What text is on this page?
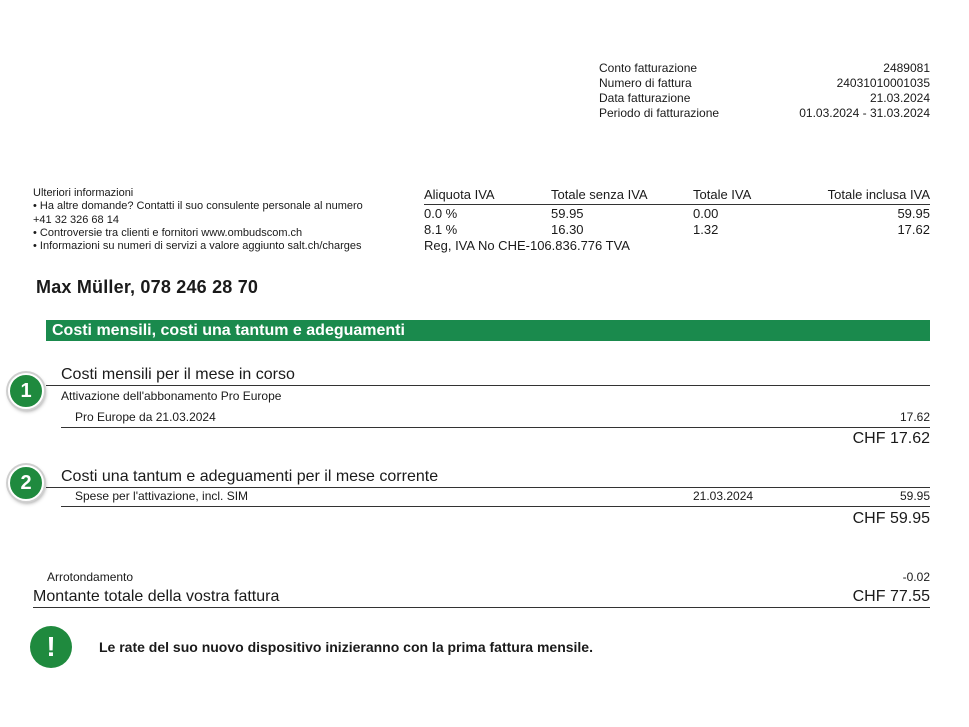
Conto fatturazione	2489081
Numero di fattura	24031010001035
Data fatturazione	21.03.2024
Periodo di fatturazione	01.03.2024 - 31.03.2024
Ulteriori informazioni
• Ha altre domande? Contatti il suo consulente personale al numero
+41 32 326 68 14
• Controversie tra clienti e fornitori www.ombudscom.ch
• Informazioni su numeri di servizi a valore aggiunto salt.ch/charges
Aliquota IVA	Totale senza IVA	Totale IVA	Totale inclusa IVA
0.0 %	59.95	0.00	59.95
8.1 %	16.30	1.32	17.62
Reg, IVA No CHE-106.836.776 TVA
Max Müller, 078 246 28 70
Costi mensili, costi una tantum e adeguamenti
1
Costi mensili per il mese in corso
Attivazione dell'abbonamento Pro Europe
Pro Europe da 21.03.2024	17.62
CHF 17.62
2	Costi una tantum e adeguamenti per il mese corrente
Spese per l'attivazione, incl. SIM	21.03.2024	59.95
CHF 59.95
Arrotondamento	-0.02
Montante totale della vostra fattura	CHF 77.55
!	Le rate del suo nuovo dispositivo inizieranno con la prima fattura mensile.
